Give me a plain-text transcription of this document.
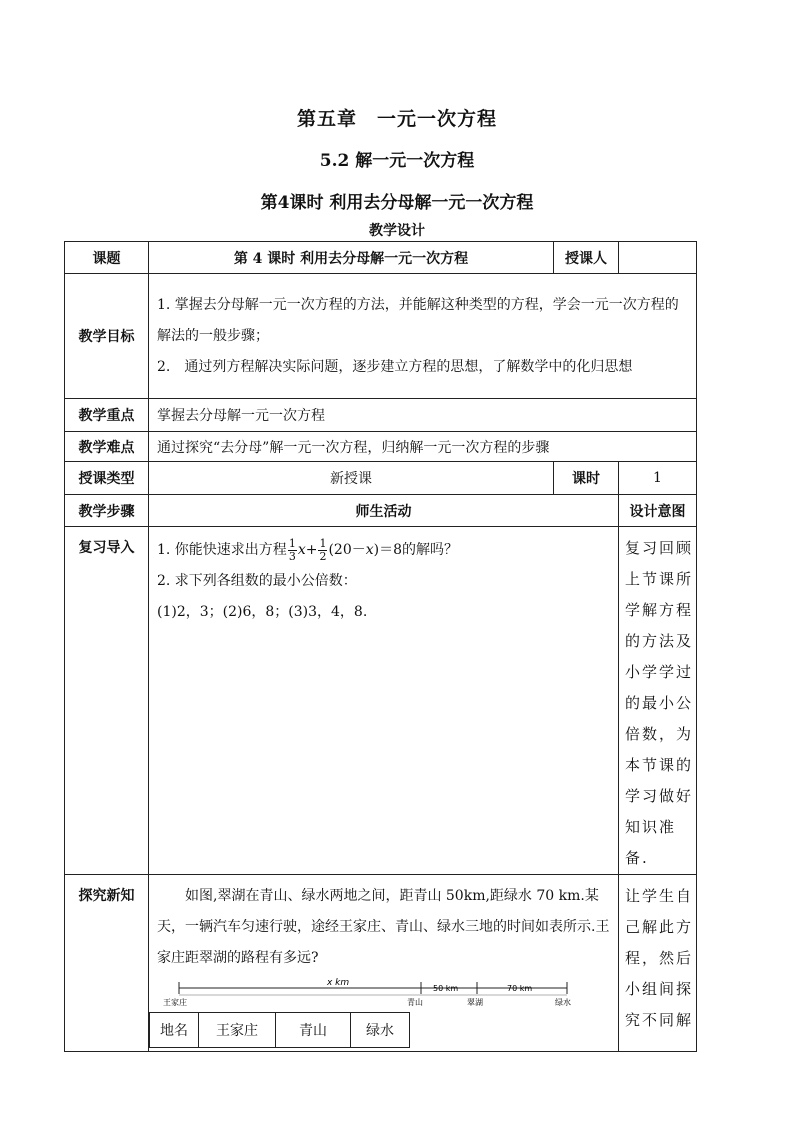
第五章　一元一次方程
5.2 解一元一次方程
第4课时 利用去分母解一元一次方程
教学设计
课题	第 4 课时 利用去分母解一元一次方程	授课人	
教学目标	
1. 掌握去分母解一元一次方程的方法，并能解这种类型的方程，学会一元一次方程的解法的一般步骤；
2.　通过列方程解决实际问题，逐步建立方程的思想，了解数学中的化归思想

教学重点	掌握去分母解一元一次方程
教学难点	通过探究“去分母”解一元一次方程，归纳解一元一次方程的步骤
授课类型	新授课	课时	1
教学步骤	师生活动	设计意图
复习导入	1. 你能快速求出方程 $\frac{1}{3} x+ \frac{1}{2} (20-x)=8$的解吗？
2. 求下列各组数的最小公倍数：
(1)2，3；(2)6，8；(3)3，4，8.
	复习回顾上节课所学解方程的方法及小学学过的最小公倍数，为本节课的学习做好知识准备.
探究新知	如图,翠湖在青山、绿水两地之间，距青山 50km,距绿水 70 km.某天，一辆汽车匀速行驶，途经王家庄、青山、绿水三地的时间如表所示.王家庄距翠湖的路程有多远?
x km
50 km	70 km
王家庄	青山	翠湖	绿水
地名	王家庄	青山	绿水
	让学生自己解此方程，然后小组间探究不同解
